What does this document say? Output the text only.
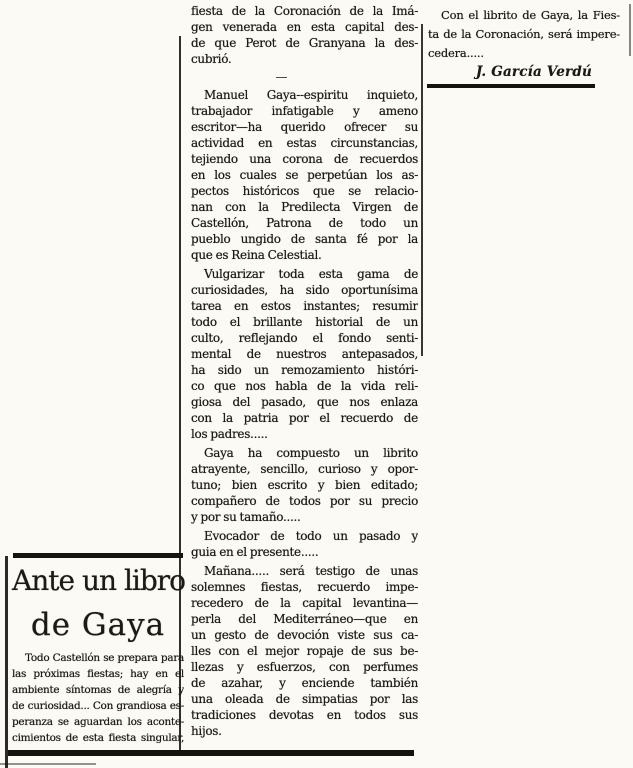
Ante un libro
de Gaya
Todo Castellón se prepara para
las próximas fiestas; hay en el
ambiente síntomas de alegría y
de curiosidad... Con grandiosa es-
peranza se aguardan los aconte-
cimientos de esta fiesta singular,
fiesta de la Coronación de la Imá-
gen venerada en esta capital des-
de que Perot de Granyana la des-
cubrió.
—
Manuel Gaya--espiritu inquieto,
trabajador infatigable y ameno
escritor—ha querido ofrecer su
actividad en estas circunstancias,
tejiendo una corona de recuerdos
en los cuales se perpetúan los as-
pectos históricos que se relacio-
nan con la Predilecta Virgen de
Castellón, Patrona de todo un
pueblo ungido de santa fé por la
que es Reina Celestial.
Vulgarizar toda esta gama de
curiosidades, ha sido oportunísima
tarea en estos instantes; resumir
todo el brillante historial de un
culto, reflejando el fondo senti-
mental de nuestros antepasados,
ha sido un remozamiento históri-
co que nos habla de la vida reli-
giosa del pasado, que nos enlaza
con la patria por el recuerdo de
los padres.....
Gaya ha compuesto un librito
atrayente, sencillo, curioso y opor-
tuno; bien escrito y bien editado;
compañero de todos por su precio
y por su tamaño.....
Evocador de todo un pasado y
guia en el presente.....
Mañana..... será testigo de unas
solemnes fiestas, recuerdo impe-
recedero de la capital levantina—
perla del Mediterráneo—que en
un gesto de devoción viste sus ca-
lles con el mejor ropaje de sus be-
llezas y esfuerzos, con perfumes
de azahar, y enciende también
una oleada de simpatias por las
tradiciones devotas en todos sus
hijos.
Con el librito de Gaya, la Fies-
ta de la Coronación, será impere-
cedera.....
J. García Verdú
